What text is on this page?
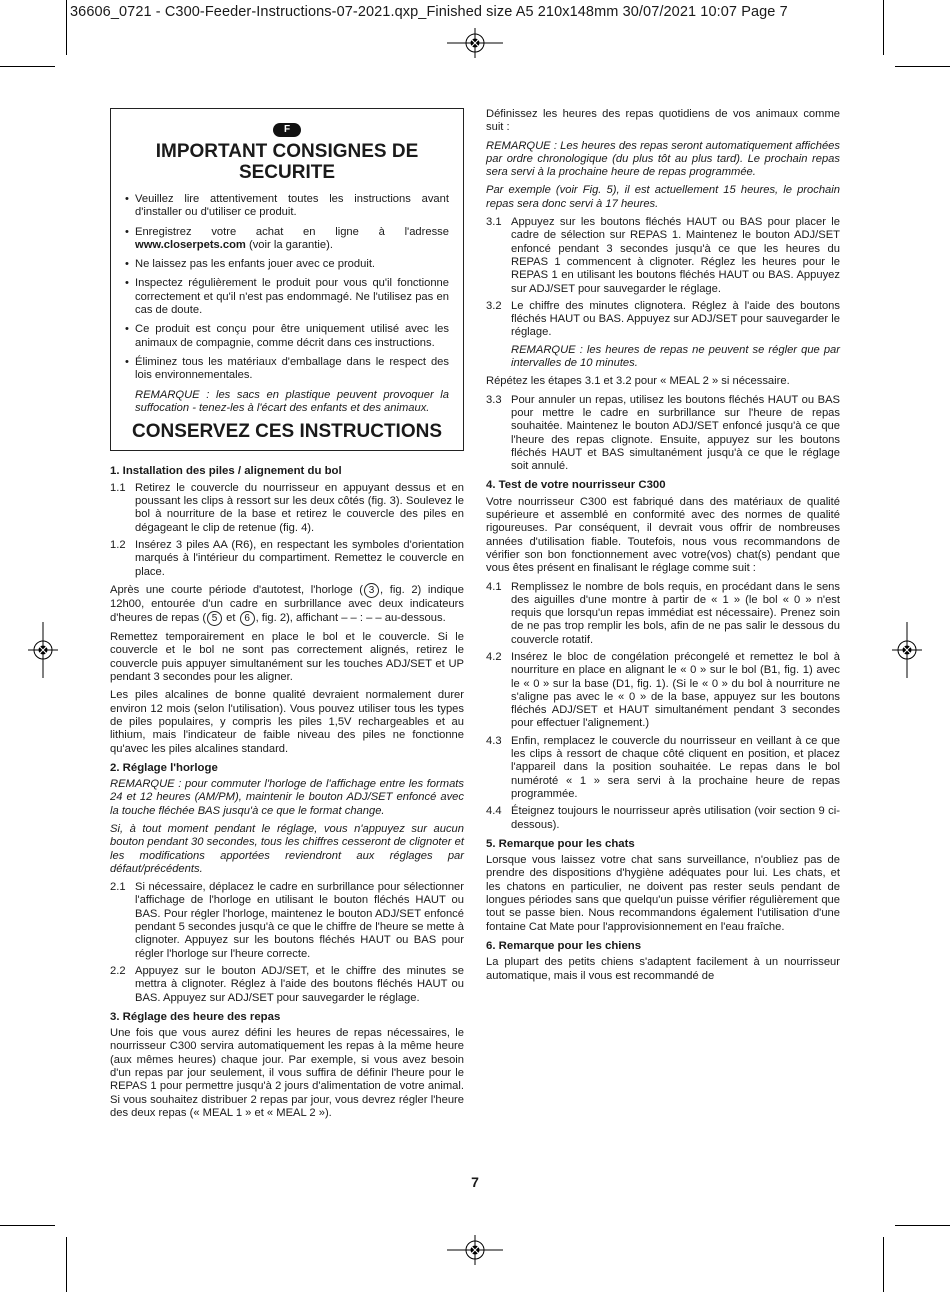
36606_0721 - C300-Feeder-Instructions-07-2021.qxp_Finished size A5 210x148mm 30/07/2021 10:07 Page 7
F
IMPORTANT CONSIGNES DE SECURITE
• Veuillez lire attentivement toutes les instructions avant d'installer ou d'utiliser ce produit.
• Enregistrez votre achat en ligne à l'adresse www.closerpets.com (voir la garantie).
• Ne laissez pas les enfants jouer avec ce produit.
• Inspectez régulièrement le produit pour vous qu'il fonctionne correctement et qu'il n'est pas endommagé. Ne l'utilisez pas en cas de doute.
• Ce produit est conçu pour être uniquement utilisé avec les animaux de compagnie, comme décrit dans ces instructions.
• Éliminez tous les matériaux d'emballage dans le respect des lois environnementales.

REMARQUE : les sacs en plastique peuvent provoquer la suffocation - tenez-les à l'écart des enfants et des animaux.

CONSERVEZ CES INSTRUCTIONS
1. Installation des piles / alignement du bol
1.1 Retirez le couvercle du nourrisseur en appuyant dessus et en poussant les clips à ressort sur les deux côtés (fig. 3). Soulevez le bol à nourriture de la base et retirez le couvercle des piles en dégageant le clip de retenue (fig. 4).
1.2 Insérez 3 piles AA (R6), en respectant les symboles d'orientation marqués à l'intérieur du compartiment. Remettez le couvercle en place.

Après une courte période d'autotest, l'horloge ( 3 , fig. 2) indique 12h00, entourée d'un cadre en surbrillance avec deux indicateurs d'heures de repas ( 5 et 6 , fig. 2), affichant – – : – – au-dessous.

Remettez temporairement en place le bol et le couvercle. Si le couvercle et le bol ne sont pas correctement alignés, retirez le couvercle puis appuyer simultanément sur les touches ADJ/SET et UP pendant 3 secondes pour les aligner.

Les piles alcalines de bonne qualité devraient normalement durer environ 12 mois (selon l'utilisation). Vous pouvez utiliser tous les types de piles populaires, y compris les piles 1,5V rechargeables et au lithium, mais l'indicateur de faible niveau des piles ne fonctionne qu'avec les piles alcalines standard.

2. Réglage l'horloge

REMARQUE : pour commuter l'horloge de l'affichage entre les formats 24 et 12 heures (AM/PM), maintenir le bouton ADJ/SET enfoncé avec la touche fléchée BAS jusqu'à ce que le format change.

Si, à tout moment pendant le réglage, vous n'appuyez sur aucun bouton pendant 30 secondes, tous les chiffres cesseront de clignoter et les modifications apportées reviendront aux réglages par défaut/précédents.

2.1 Si nécessaire, déplacez le cadre en surbrillance pour sélectionner l'affichage de l'horloge en utilisant le bouton fléchés HAUT ou BAS. Pour régler l'horloge, maintenez le bouton ADJ/SET enfoncé pendant 5 secondes jusqu'à ce que le chiffre de l'heure se mette à clignoter. Appuyez sur les boutons fléchés HAUT ou BAS pour régler l'horloge sur l'heure correcte.
2.2 Appuyez sur le bouton ADJ/SET, et le chiffre des minutes se mettra à clignoter. Réglez à l'aide des boutons fléchés HAUT ou BAS. Appuyez sur ADJ/SET pour sauvegarder le réglage.
3. Réglage des heure des repas

Une fois que vous aurez défini les heures de repas nécessaires, le nourrisseur C300 servira automatiquement les repas à la même heure (aux mêmes heures) chaque jour. Par exemple, si vous avez besoin d'un repas par jour seulement, il vous suffira de définir l'heure pour le REPAS 1 pour permettre jusqu'à 2 jours d'alimentation de votre animal. Si vous souhaitez distribuer 2 repas par jour, vous devrez régler l'heure des deux repas (« MEAL 1 » et « MEAL 2 »).

Définissez les heures des repas quotidiens de vos animaux comme suit :

REMARQUE : Les heures des repas seront automatiquement affichées par ordre chronologique (du plus tôt au plus tard). Le prochain repas sera servi à la prochaine heure de repas programmée.

Par exemple (voir Fig. 5), il est actuellement 15 heures, le prochain repas sera donc servi à 17 heures.

3.1 Appuyez sur les boutons fléchés HAUT ou BAS pour placer le cadre de sélection sur REPAS 1. Maintenez le bouton ADJ/SET enfoncé pendant 3 secondes jusqu'à ce que les heures du REPAS 1 commencent à clignoter. Réglez les heures pour le REPAS 1 en utilisant les boutons fléchés HAUT ou BAS. Appuyez sur ADJ/SET pour sauvegarder le réglage.
3.2 Le chiffre des minutes clignotera. Réglez à l'aide des boutons fléchés HAUT ou BAS. Appuyez sur ADJ/SET pour sauvegarder le réglage.

REMARQUE : les heures de repas ne peuvent se régler que par intervalles de 10 minutes.

Répétez les étapes 3.1 et 3.2 pour « MEAL 2 » si nécessaire.

3.3 Pour annuler un repas, utilisez les boutons fléchés HAUT ou BAS pour mettre le cadre en surbrillance sur l'heure de repas souhaitée. Maintenez le bouton ADJ/SET enfoncé jusqu'à ce que l'heure des repas clignote. Ensuite, appuyez sur les boutons fléchés HAUT et BAS simultanément jusqu'à ce que le réglage soit annulé.
4. Test de votre nourrisseur C300

Votre nourrisseur C300 est fabriqué dans des matériaux de qualité supérieure et assemblé en conformité avec des normes de qualité rigoureuses. Par conséquent, il devrait vous offrir de nombreuses années d'utilisation fiable. Toutefois, nous vous recommandons de vérifier son bon fonctionnement avec votre(vos) chat(s) pendant que vous êtes présent en finalisant le réglage comme suit :

4.1 Remplissez le nombre de bols requis, en procédant dans le sens des aiguilles d'une montre à partir de « 1 » (le bol « 0 » n'est requis que lorsqu'un repas immédiat est nécessaire). Prenez soin de ne pas trop remplir les bols, afin de ne pas salir le dessous du couvercle rotatif.
4.2 Insérez le bloc de congélation précongelé et remettez le bol à nourriture en place en alignant le « 0 » sur le bol (B1, fig. 1) avec le « 0 » sur la base (D1, fig. 1). (Si le « 0 » du bol à nourriture ne s'aligne pas avec le « 0 » de la base, appuyez sur les boutons fléchés ADJ/SET et HAUT simultanément pendant 3 secondes pour effectuer l'alignement.)
4.3 Enfin, remplacez le couvercle du nourrisseur en veillant à ce que les clips à ressort de chaque côté cliquent en position, et placez l'appareil dans la position souhaitée. Le repas dans le bol numéroté « 1 » sera servi à la prochaine heure de repas programmée.
4.4 Éteignez toujours le nourrisseur après utilisation (voir section 9 ci-dessous).
5. Remarque pour les chats

Lorsque vous laissez votre chat sans surveillance, n'oubliez pas de prendre des dispositions d'hygiène adéquates pour lui. Les chats, et les chatons en particulier, ne doivent pas rester seuls pendant de longues périodes sans que quelqu'un puisse vérifier régulièrement que tout se passe bien. Nous recommandons également l'utilisation d'une fontaine Cat Mate pour l'approvisionnement en l'eau fraîche.

6. Remarque pour les chiens

La plupart des petits chiens s'adaptent facilement à un nourrisseur automatique, mais il vous est recommandé de

7
